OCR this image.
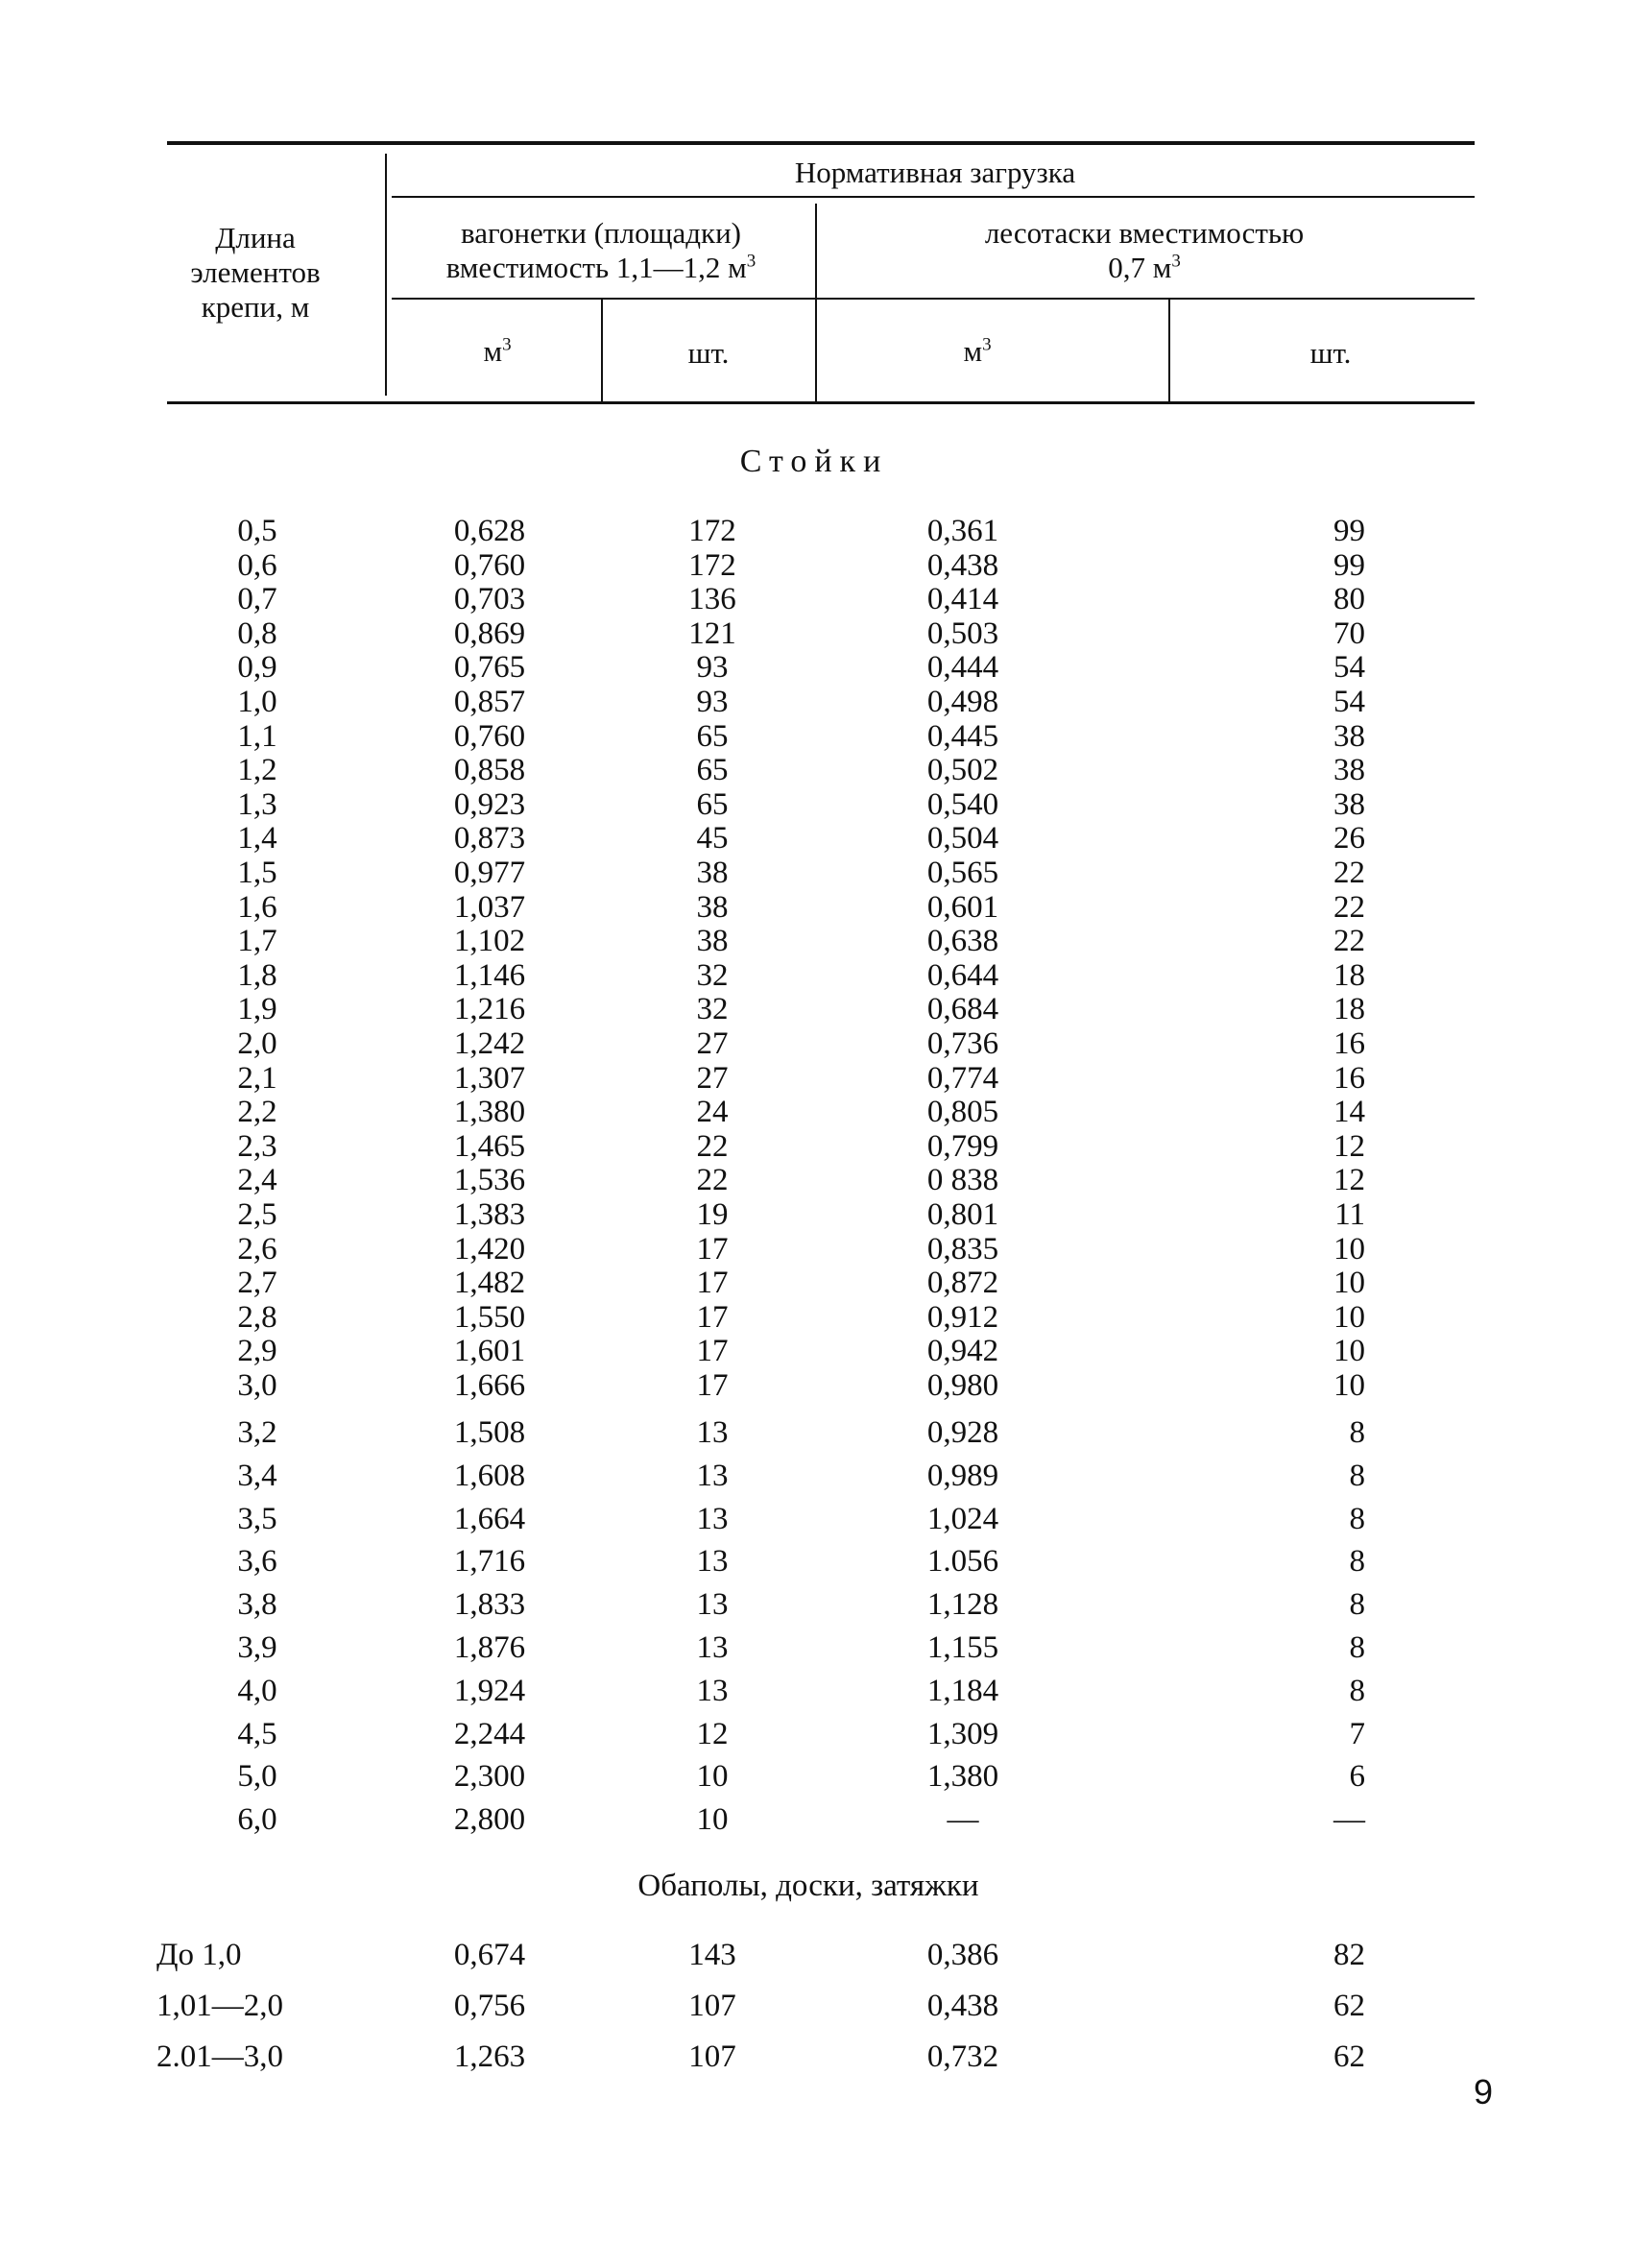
Длина
элементов
крепи, м
Нормативная загрузка
вагонетки (площадки)
вместимость 1,1—1,2 $м^3$
лесотаски вместимостью
0,7 $м^3$
$м^3$	шт.	$м^3$	шт.
Стойки
0,5	0,628	172	0,361	99
0,6	0,760	172	0,438	99
0,7	0,703	136	0,414	80
0,8	0,869	121	0,503	70
0,9	0,765	93	0,444	54
1,0	0,857	93	0,498	54
1,1	0,760	65	0,445	38
1,2	0,858	65	0,502	38
1,3	0,923	65	0,540	38
1,4	0,873	45	0,504	26
1,5	0,977	38	0,565	22
1,6	1,037	38	0,601	22
1,7	1,102	38	0,638	22
1,8	1,146	32	0,644	18
1,9	1,216	32	0,684	18
2,0	1,242	27	0,736	16
2,1	1,307	27	0,774	16
2,2	1,380	24	0,805	14
2,3	1,465	22	0,799	12
2,4	1,536	22	0 838	12
2,5	1,383	19	0,801	11
2,6	1,420	17	0,835	10
2,7	1,482	17	0,872	10
2,8	1,550	17	0,912	10
2,9	1,601	17	0,942	10
3,0	1,666	17	0,980	10
3,2	1,508	13	0,928	8
3,4	1,608	13	0,989	8
3,5	1,664	13	1,024	8
3,6	1,716	13	1.056	8
3,8	1,833	13	1,128	8
3,9	1,876	13	1,155	8
4,0	1,924	13	1,184	8
4,5	2,244	12	1,309	7
5,0	2,300	10	1,380	6
6,0	2,800	10	—	—
Обаполы, доски, затяжки
До 1,0	0,674	143	0,386	82
1,01—2,0	0,756	107	0,438	62
2.01—3,0	1,263	107	0,732	62
9
